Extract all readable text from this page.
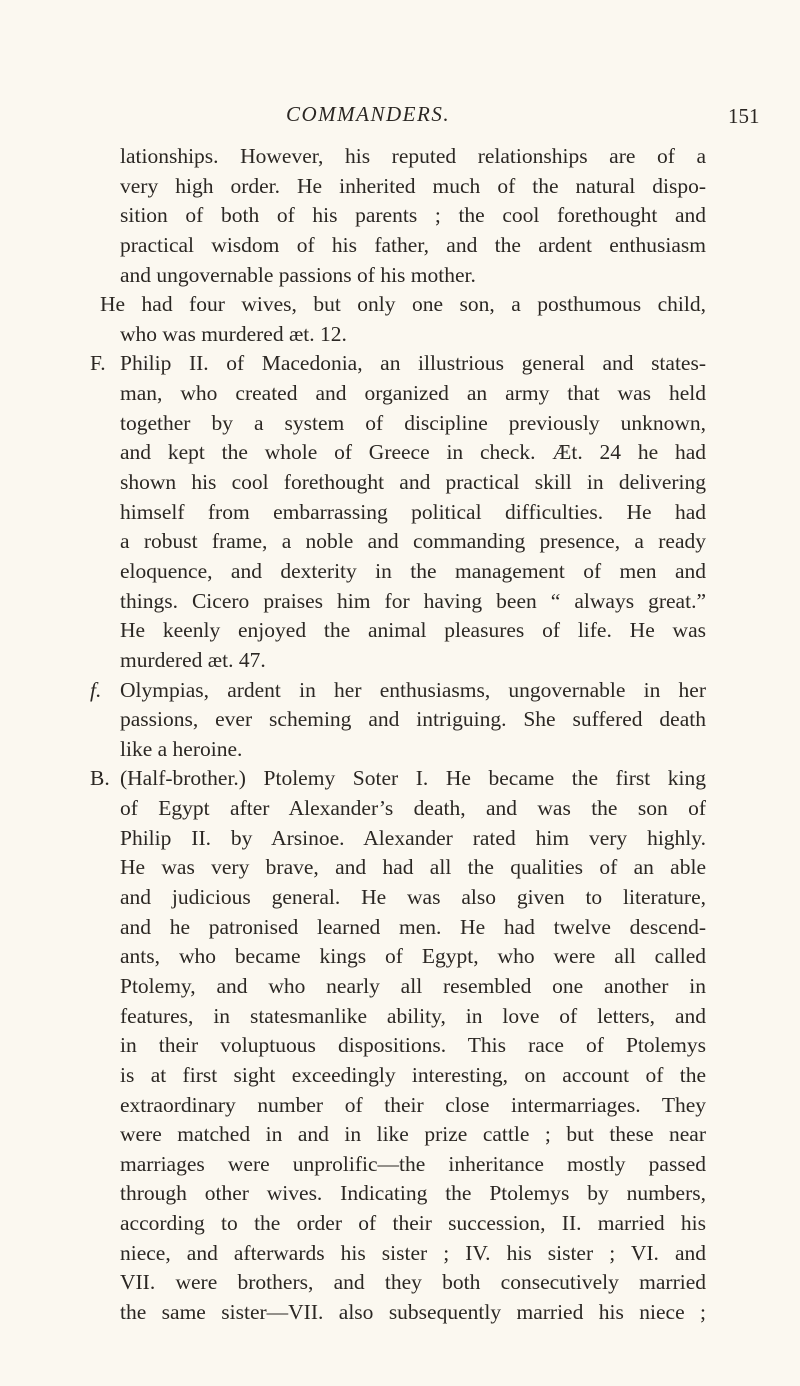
COMMANDERS.	151
lationships. However, his reputed relationships are of a
very high order. He inherited much of the natural dispo-
sition of both of his parents ; the cool forethought and
practical wisdom of his father, and the ardent enthusiasm
and ungovernable passions of his mother.
He had four wives, but only one son, a posthumous child,
who was murdered æt. 12.
F. Philip II. of Macedonia, an illustrious general and states-
man, who created and organized an army that was held
together by a system of discipline previously unknown,
and kept the whole of Greece in check. Æt. 24 he had
shown his cool forethought and practical skill in delivering
himself from embarrassing political difficulties. He had
a robust frame, a noble and commanding presence, a ready
eloquence, and dexterity in the management of men and
things. Cicero praises him for having been “ always great.”
He keenly enjoyed the animal pleasures of life. He was
murdered æt. 47.
f. Olympias, ardent in her enthusiasms, ungovernable in her
passions, ever scheming and intriguing. She suffered death
like a heroine.
B. (Half-brother.) Ptolemy Soter I. He became the first king
of Egypt after Alexander’s death, and was the son of
Philip II. by Arsinoe. Alexander rated him very highly.
He was very brave, and had all the qualities of an able
and judicious general. He was also given to literature,
and he patronised learned men. He had twelve descend-
ants, who became kings of Egypt, who were all called
Ptolemy, and who nearly all resembled one another in
features, in statesmanlike ability, in love of letters, and
in their voluptuous dispositions. This race of Ptolemys
is at first sight exceedingly interesting, on account of the
extraordinary number of their close intermarriages. They
were matched in and in like prize cattle ; but these near
marriages were unprolific—the inheritance mostly passed
through other wives. Indicating the Ptolemys by numbers,
according to the order of their succession, II. married his
niece, and afterwards his sister ; IV. his sister ; VI. and
VII. were brothers, and they both consecutively married
the same sister—VII. also subsequently married his niece ;
